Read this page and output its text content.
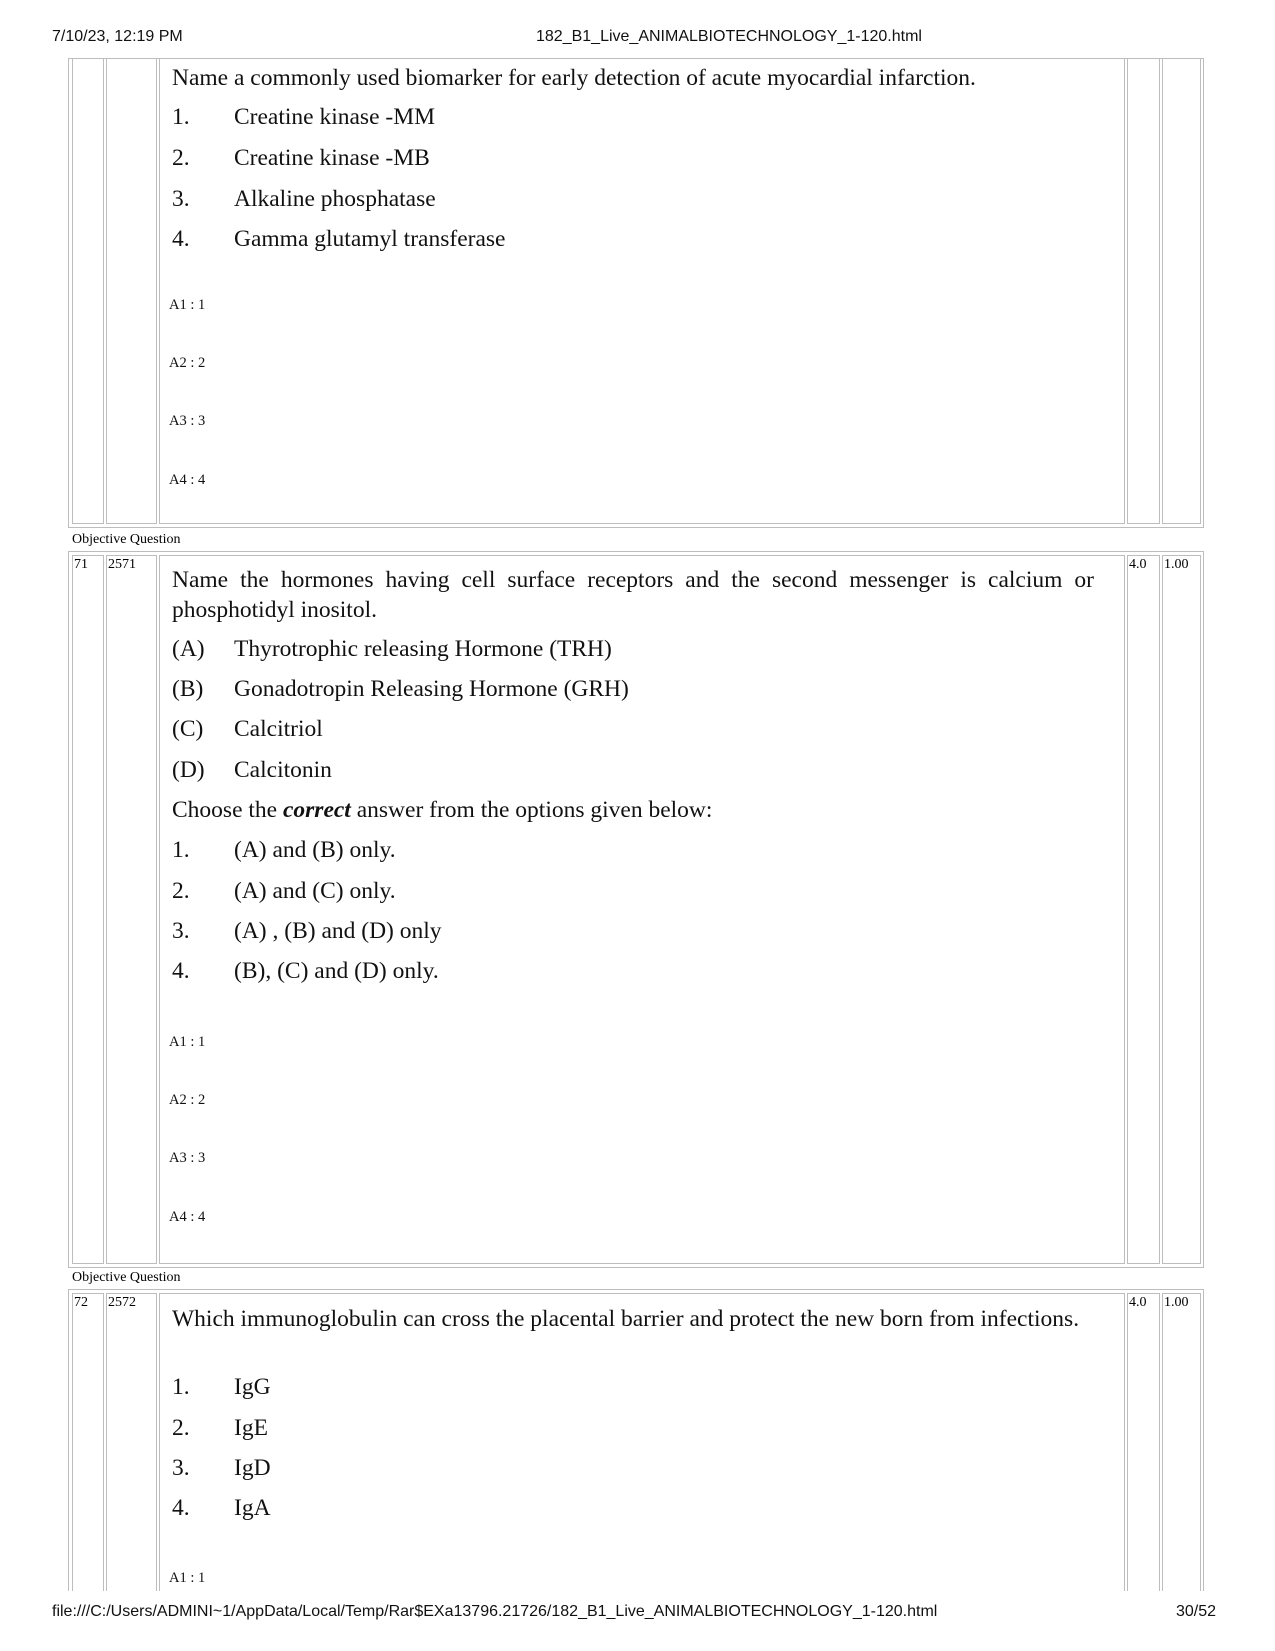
7/10/23, 12:19 PM	182_B1_Live_ANIMALBIOTECHNOLOGY_1-120.html
Name a commonly used biomarker for early detection of acute myocardial infarction.
1. Creatine kinase -MM
2. Creatine kinase -MB
3. Alkaline phosphatase
4. Gamma glutamyl transferase
A1 : 1
A2 : 2
A3 : 3
A4 : 4
Objective Question
71 2571	4.0 1.00
Name the hormones having cell surface receptors and the second messenger is calcium or phosphotidyl inositol.
(A) Thyrotrophic releasing Hormone (TRH)
(B) Gonadotropin Releasing Hormone (GRH)
(C) Calcitriol
(D) Calcitonin
Choose the correct answer from the options given below:
1. (A) and (B) only.
2. (A) and (C) only.
3. (A) , (B) and (D) only
4. (B), (C) and (D) only.
A1 : 1
A2 : 2
A3 : 3
A4 : 4
Objective Question
72 2572	4.0 1.00
Which immunoglobulin can cross the placental barrier and protect the new born from infections.
1. IgG
2. IgE
3. IgD
4. IgA
A1 : 1
file:///C:/Users/ADMINI~1/AppData/Local/Temp/Rar$EXa13796.21726/182_B1_Live_ANIMALBIOTECHNOLOGY_1-120.html	30/52
